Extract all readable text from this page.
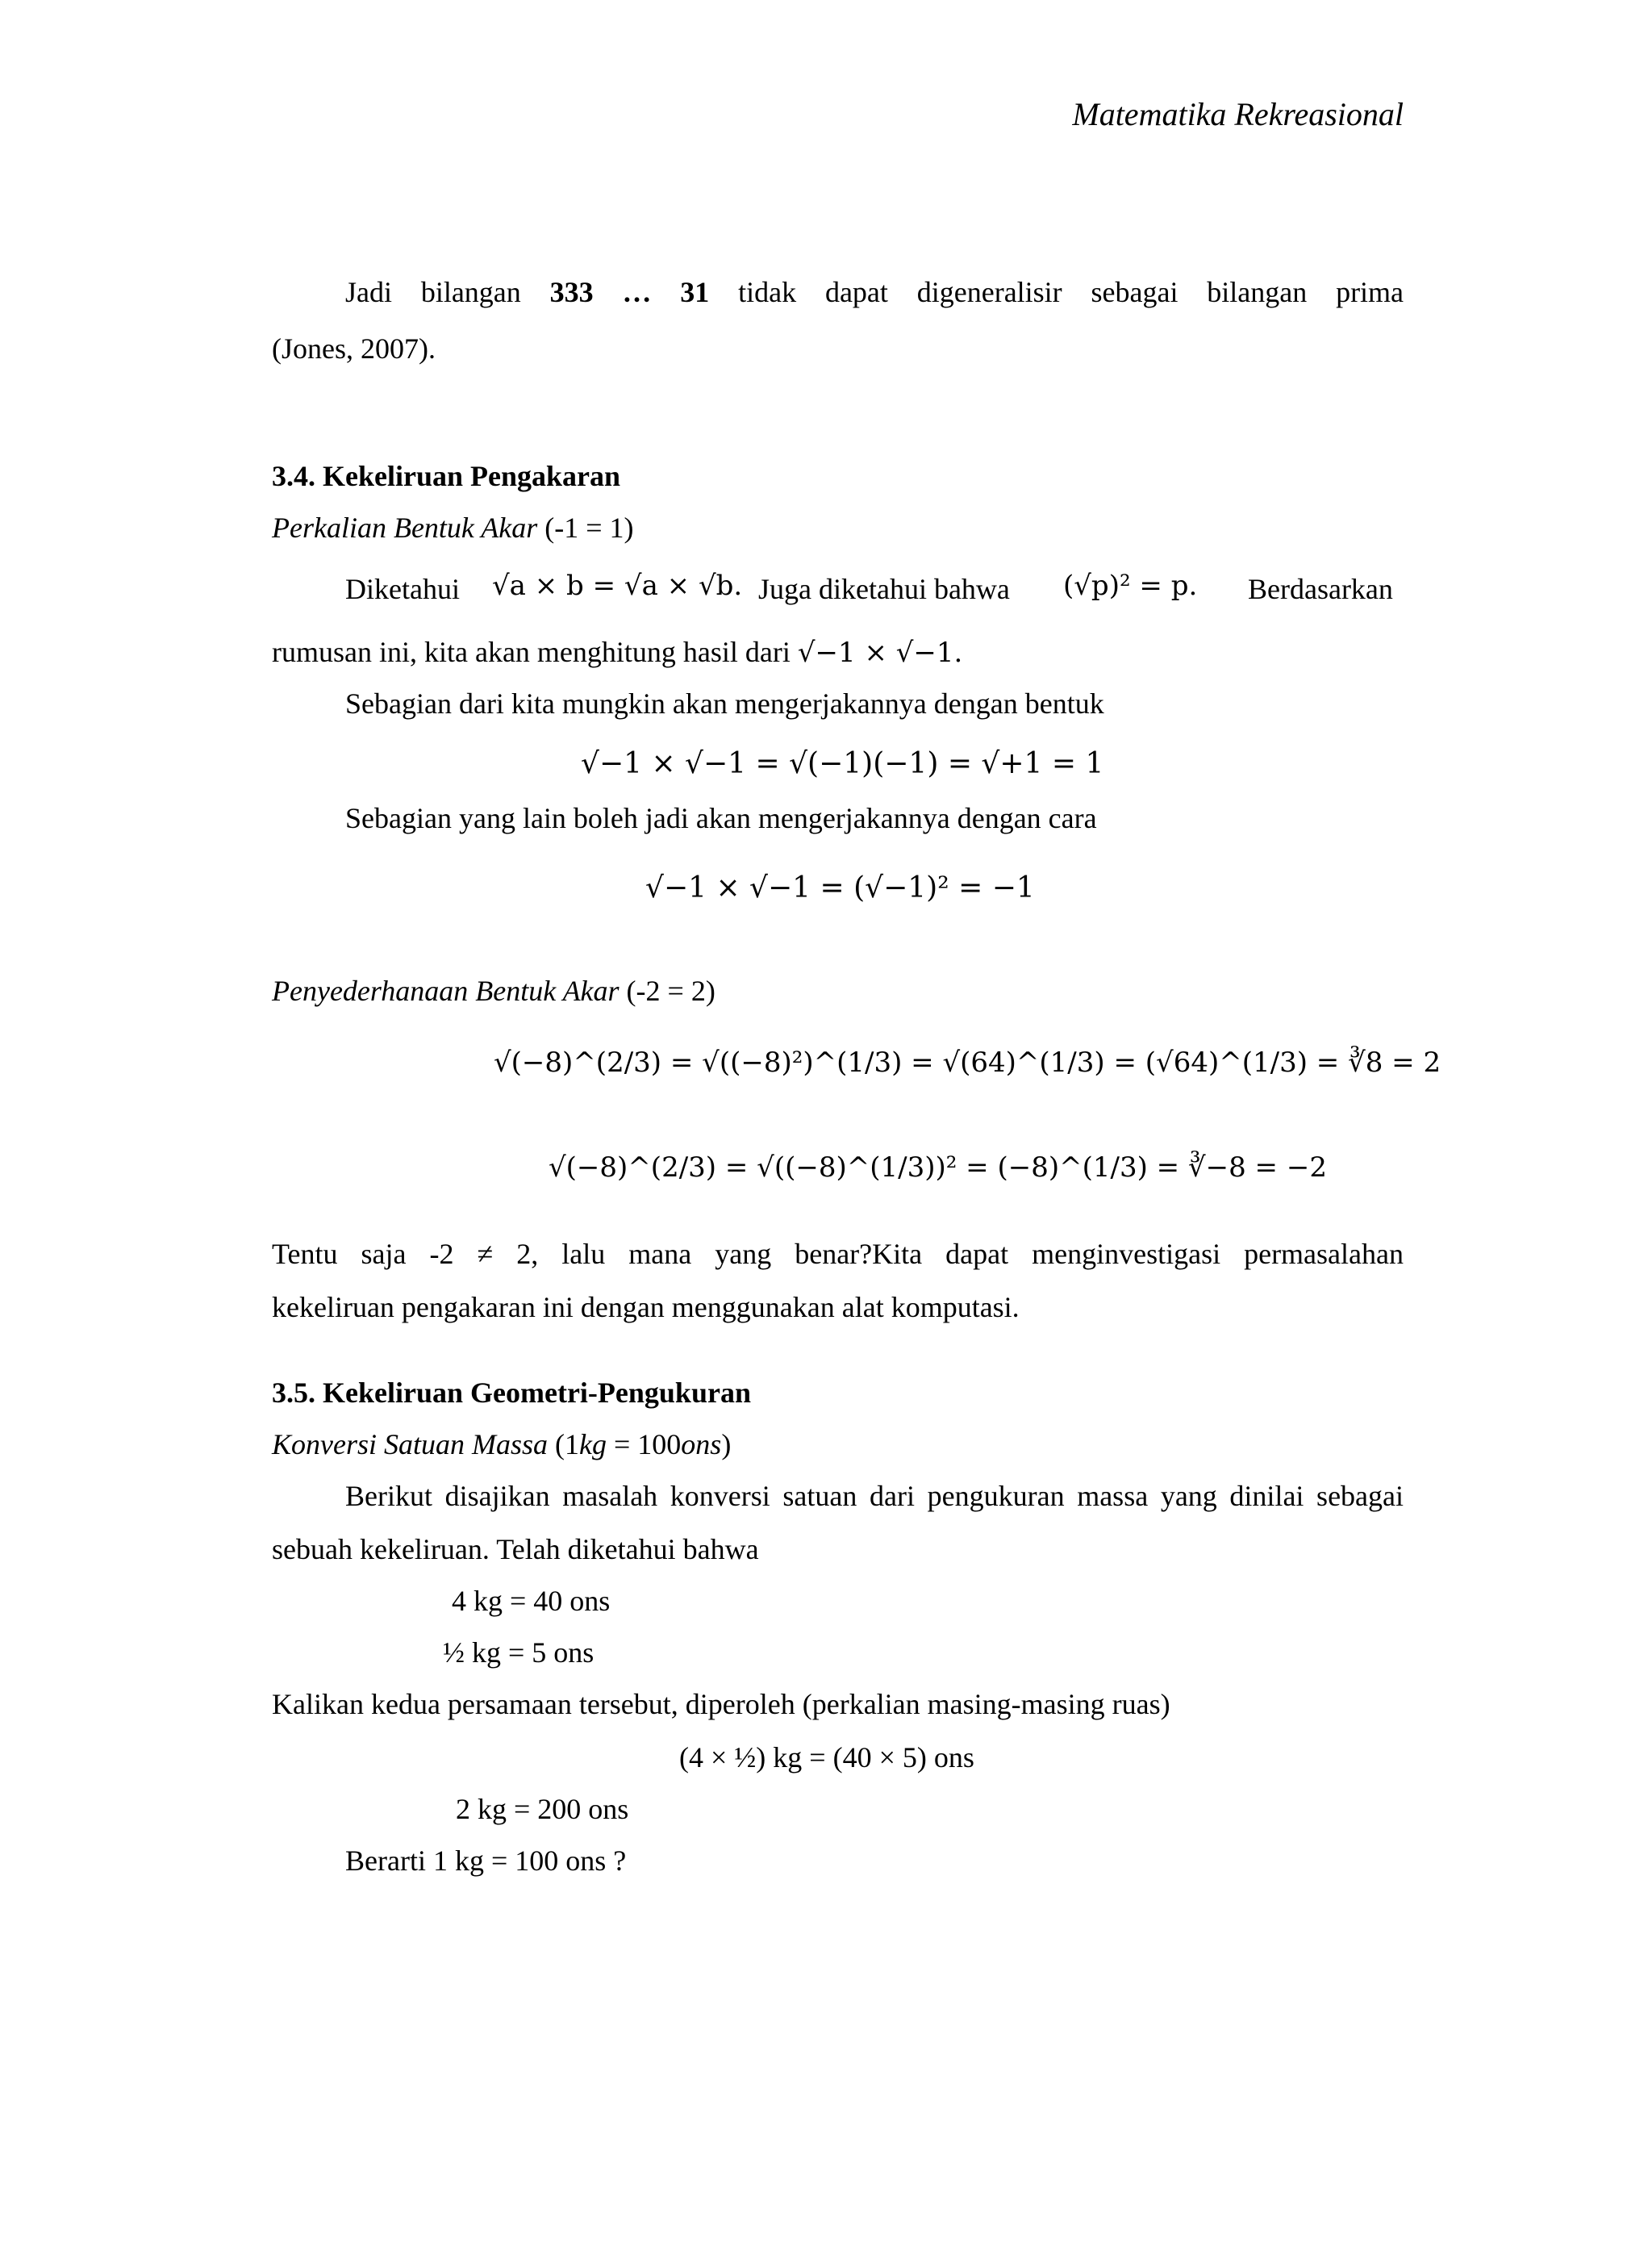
Matematika Rekreasional
Jadi bilangan 333 … 31 tidak dapat digeneralisir sebagai bilangan prima
(Jones, 2007).
3.4. Kekeliruan Pengakaran
Perkalian Bentuk Akar (-1 = 1)
Diketahui √a × b = √a × √b. Juga diketahui bahwa (√p)² = p. Berdasarkan
rumusan ini, kita akan menghitung hasil dari √−1 × √−1.
Sebagian dari kita mungkin akan mengerjakannya dengan bentuk
√−1 × √−1 = √(−1)(−1) = √+1 = 1
Sebagian yang lain boleh jadi akan mengerjakannya dengan cara
√−1 × √−1 = (√−1)² = −1
Penyederhanaan Bentuk Akar (-2 = 2)
√(−8)^(2/3) = √((−8)²)^(1/3) = √(64)^(1/3) = (√64)^(1/3) = ∛8 = 2
√(−8)^(2/3) = √((−8)^(1/3))² = (−8)^(1/3) = ∛−8 = −2
Tentu saja -2 ≠ 2, lalu mana yang benar?Kita dapat menginvestigasi permasalahan
kekeliruan pengakaran ini dengan menggunakan alat komputasi.
3.5. Kekeliruan Geometri-Pengukuran
Konversi Satuan Massa (1kg = 100ons)
Berikut disajikan masalah konversi satuan dari pengukuran massa yang dinilai sebagai
sebuah kekeliruan. Telah diketahui bahwa
4 kg = 40 ons
½ kg = 5 ons
Kalikan kedua persamaan tersebut, diperoleh (perkalian masing-masing ruas)
(4 × ½) kg = (40 × 5) ons
2 kg = 200 ons
Berarti 1 kg = 100 ons ?
